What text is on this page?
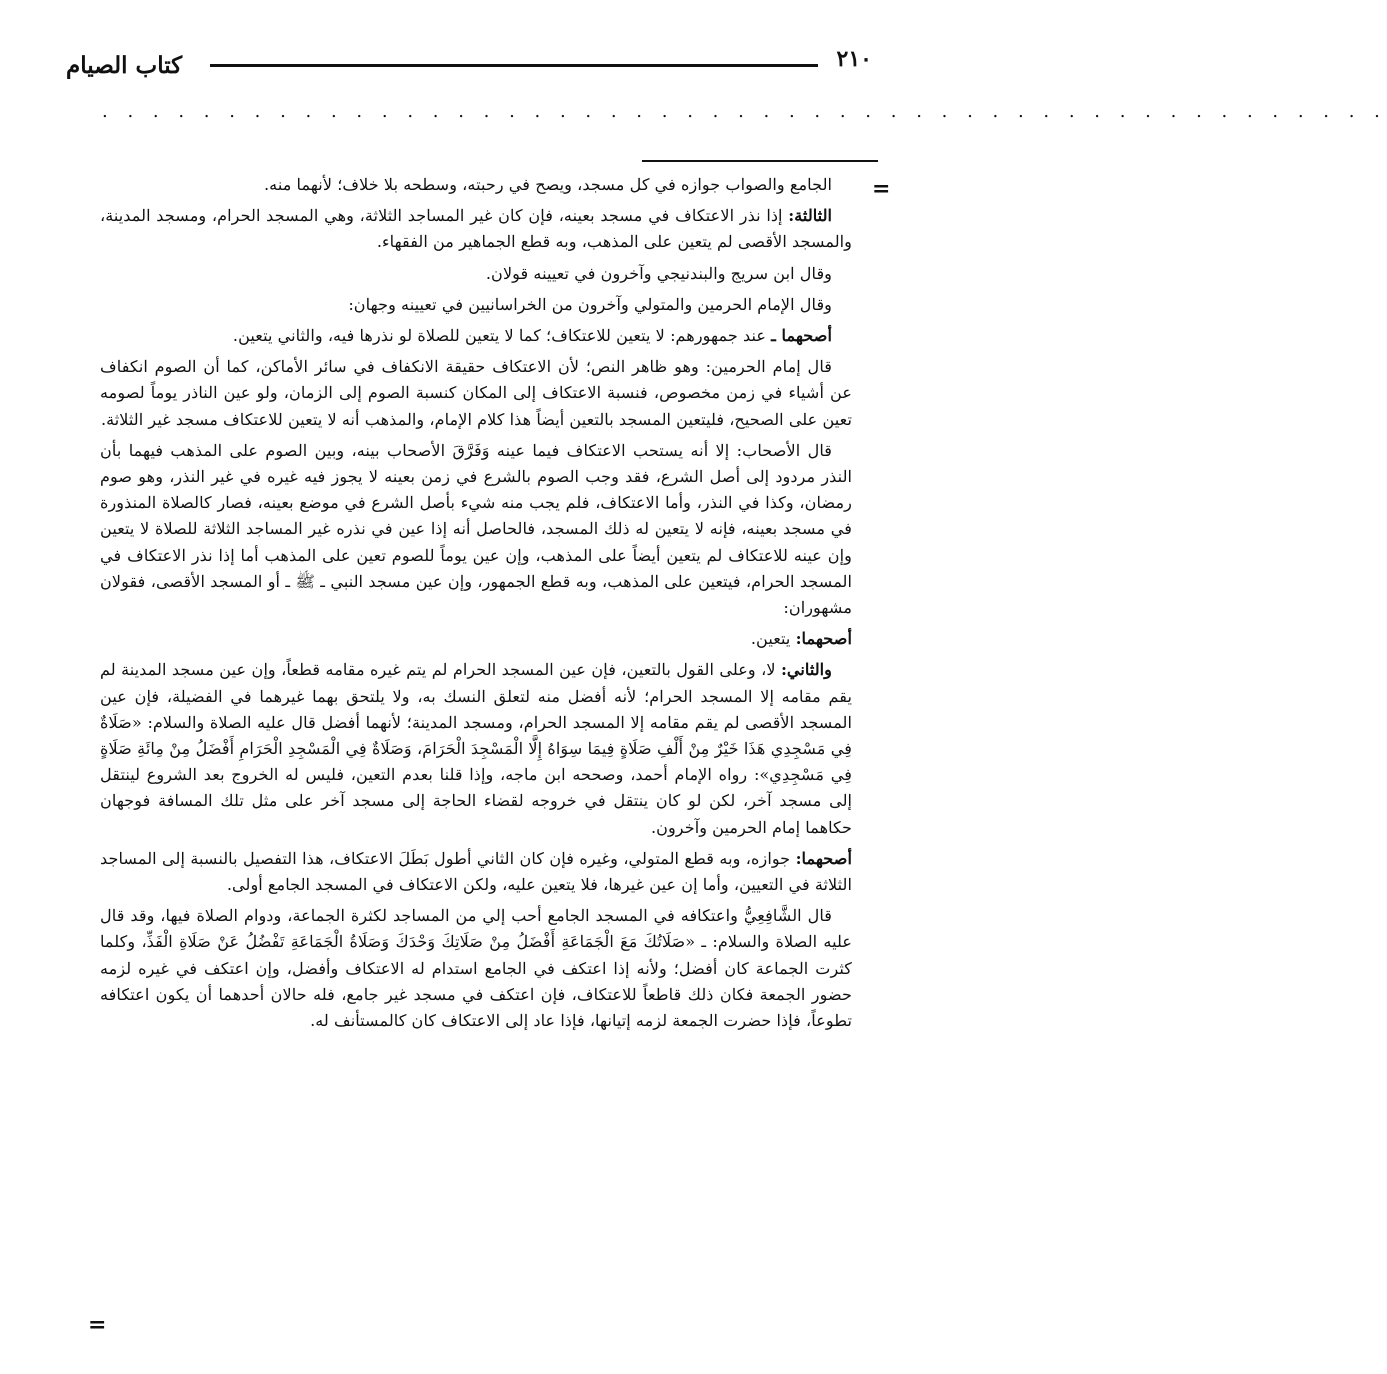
٢١٠
كتاب الصيام
. . . . . . . . . . . . . . . . . . . . . . . . . . . . . . . . . . . . . . . . . . . . . . . . . . .
=
=

الجامع والصواب جوازه في كل مسجد، ويصح في رحبته، وسطحه بلا خلاف؛ لأنهما منه.

الثالثة: إذا نذر الاعتكاف في مسجد بعينه، فإن كان غير المساجد الثلاثة، وهي المسجد الحرام، ومسجد المدينة، والمسجد الأقصى لم يتعين على المذهب، وبه قطع الجماهير من الفقهاء.

وقال ابن سريج والبندنيجي وآخرون في تعيينه قولان.

وقال الإمام الحرمين والمتولي وآخرون من الخراسانيين في تعيينه وجهان:

أصحهما ـ عند جمهورهم: لا يتعين للاعتكاف؛ كما لا يتعين للصلاة لو نذرها فيه، والثاني يتعين.

قال إمام الحرمين: وهو ظاهر النص؛ لأن الاعتكاف حقيقة الانكفاف في سائر الأماكن، كما أن الصوم انكفاف عن أشياء في زمن مخصوص، فنسبة الاعتكاف إلى المكان كنسبة الصوم إلى الزمان، ولو عين الناذر يوماً لصومه تعين على الصحيح، فليتعين المسجد بالتعين أيضاً هذا كلام الإمام، والمذهب أنه لا يتعين للاعتكاف مسجد غير الثلاثة.

قال الأصحاب: إلا أنه يستحب الاعتكاف فيما عينه وَفَرَّقَ الأصحاب بينه، وبين الصوم على المذهب فيهما بأن النذر مردود إلى أصل الشرع، فقد وجب الصوم بالشرع في زمن بعينه لا يجوز فيه غيره في غير النذر، وهو صوم رمضان، وكذا في النذر، وأما الاعتكاف، فلم يجب منه شيء بأصل الشرع في موضع بعينه، فصار كالصلاة المنذورة في مسجد بعينه، فإنه لا يتعين له ذلك المسجد، فالحاصل أنه إذا عين في نذره غير المساجد الثلاثة للصلاة لا يتعين وإن عينه للاعتكاف لم يتعين أيضاً على المذهب، وإن عين يوماً للصوم تعين على المذهب أما إذا نذر الاعتكاف في المسجد الحرام، فيتعين على المذهب، وبه قطع الجمهور، وإن عين مسجد النبي ـ ﷺ ـ أو المسجد الأقصى، فقولان مشهوران:

أصحهما: يتعين.

والثاني: لا، وعلى القول بالتعين، فإن عين المسجد الحرام لم يتم غيره مقامه قطعاً، وإن عين مسجد المدينة لم يقم مقامه إلا المسجد الحرام؛ لأنه أفضل منه لتعلق النسك به، ولا يلتحق بهما غيرهما في الفضيلة، فإن عين المسجد الأقصى لم يقم مقامه إلا المسجد الحرام، ومسجد المدينة؛ لأنهما أفضل قال عليه الصلاة والسلام: «صَلَاةٌ فِي مَسْجِدِي هَذَا خَيْرٌ مِنْ أَلْفِ صَلَاةٍ فِيمَا سِوَاهُ إِلَّا الْمَسْجِدَ الْحَرَامَ، وَصَلَاةٌ فِي الْمَسْجِدِ الْحَرَامِ أَفْضَلُ مِنْ مِائَةِ صَلَاةٍ فِي مَسْجِدِي»: رواه الإمام أحمد، وصححه ابن ماجه، وإذا قلنا بعدم التعين، فليس له الخروج بعد الشروع لينتقل إلى مسجد آخر، لكن لو كان ينتقل في خروجه لقضاء الحاجة إلى مسجد آخر على مثل تلك المسافة فوجهان حكاهما إمام الحرمين وآخرون.

أصحهما: جوازه، وبه قطع المتولي، وغيره فإن كان الثاني أطول بَطَلَ الاعتكاف، هذا التفصيل بالنسبة إلى المساجد الثلاثة في التعيين، وأما إن عين غيرها، فلا يتعين عليه، ولكن الاعتكاف في المسجد الجامع أولى.

قال الشَّافِعِيُّ واعتكافه في المسجد الجامع أحب إلي من المساجد لكثرة الجماعة، ودوام الصلاة فيها، وقد قال عليه الصلاة والسلام: ـ «صَلَاتُكَ مَعَ الْجَمَاعَةِ أَفْضَلُ مِنْ صَلَاتِكَ وَحْدَكَ وَصَلَاةُ الْجَمَاعَةِ تَفْضُلُ عَنْ صَلَاةِ الْفَذِّ، وكلما كثرت الجماعة كان أفضل؛ ولأنه إذا اعتكف في الجامع استدام له الاعتكاف وأفضل، وإن اعتكف في غيره لزمه حضور الجمعة فكان ذلك قاطعاً للاعتكاف، فإن اعتكف في مسجد غير جامع، فله حالان أحدهما أن يكون اعتكافه تطوعاً، فإذا حضرت الجمعة لزمه إتيانها، فإذا عاد إلى الاعتكاف كان كالمستأنف له.
